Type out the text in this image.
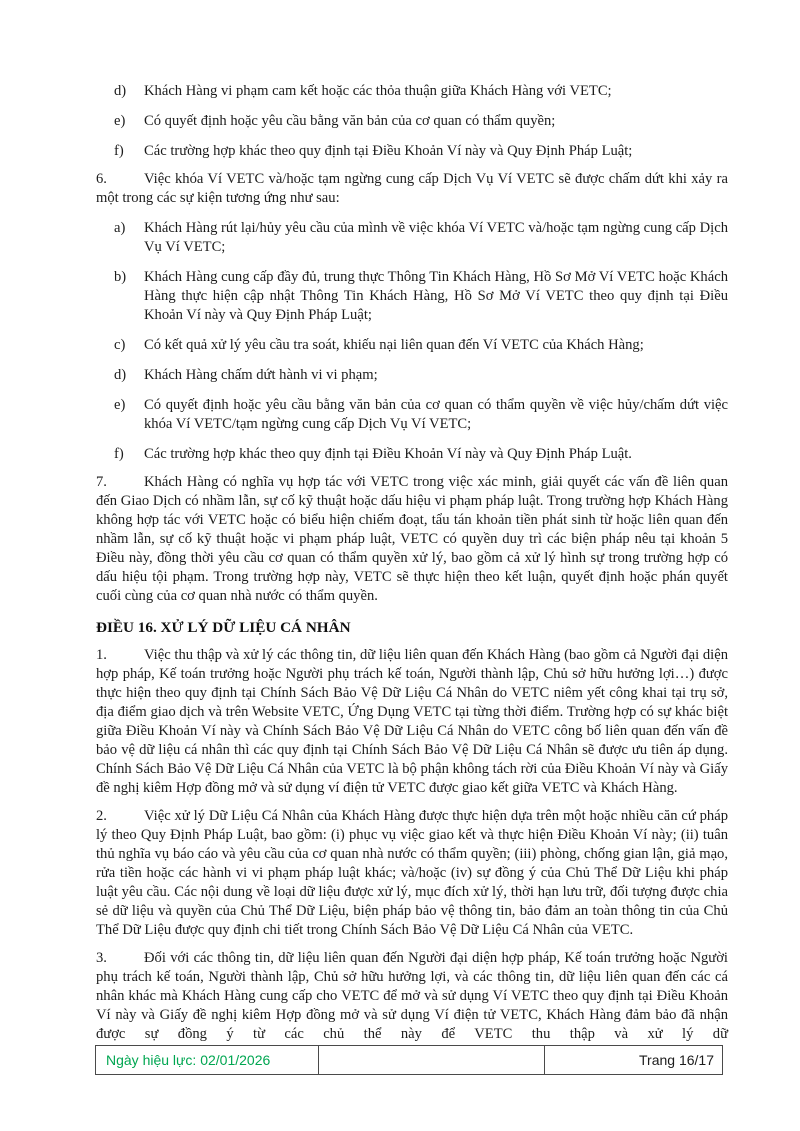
d)	Khách Hàng vi phạm cam kết hoặc các thỏa thuận giữa Khách Hàng với VETC;
e)	Có quyết định hoặc yêu cầu bằng văn bản của cơ quan có thẩm quyền;
f)	Các trường hợp khác theo quy định tại Điều Khoản Ví này và Quy Định Pháp Luật;

6.	Việc khóa Ví VETC và/hoặc tạm ngừng cung cấp Dịch Vụ Ví VETC sẽ được chấm dứt khi xảy ra một trong các sự kiện tương ứng như sau:

a)	Khách Hàng rút lại/hủy yêu cầu của mình về việc khóa Ví VETC và/hoặc tạm ngừng cung cấp Dịch Vụ Ví VETC;
b)	Khách Hàng cung cấp đầy đủ, trung thực Thông Tin Khách Hàng, Hồ Sơ Mở Ví VETC hoặc Khách Hàng thực hiện cập nhật Thông Tin Khách Hàng, Hồ Sơ Mở Ví VETC theo quy định tại Điều Khoản Ví này và Quy Định Pháp Luật;
c)	Có kết quả xử lý yêu cầu tra soát, khiếu nại liên quan đến Ví VETC của Khách Hàng;
d)	Khách Hàng chấm dứt hành vi vi phạm;
e)	Có quyết định hoặc yêu cầu bằng văn bản của cơ quan có thẩm quyền về việc hủy/chấm dứt việc khóa Ví VETC/tạm ngừng cung cấp Dịch Vụ Ví VETC;
f)	Các trường hợp khác theo quy định tại Điều Khoản Ví này và Quy Định Pháp Luật.

7.	Khách Hàng có nghĩa vụ hợp tác với VETC trong việc xác minh, giải quyết các vấn đề liên quan đến Giao Dịch có nhầm lẫn, sự cố kỹ thuật hoặc dấu hiệu vi phạm pháp luật. Trong trường hợp Khách Hàng không hợp tác với VETC hoặc có biểu hiện chiếm đoạt, tẩu tán khoản tiền phát sinh từ hoặc liên quan đến nhầm lẫn, sự cố kỹ thuật hoặc vi phạm pháp luật, VETC có quyền duy trì các biện pháp nêu tại khoản 5 Điều này, đồng thời yêu cầu cơ quan có thẩm quyền xử lý, bao gồm cả xử lý hình sự trong trường hợp có dấu hiệu tội phạm. Trong trường hợp này, VETC sẽ thực hiện theo kết luận, quyết định hoặc phán quyết cuối cùng của cơ quan nhà nước có thẩm quyền.

ĐIỀU 16. XỬ LÝ DỮ LIỆU CÁ NHÂN

1.	Việc thu thập và xử lý các thông tin, dữ liệu liên quan đến Khách Hàng (bao gồm cả Người đại diện hợp pháp, Kế toán trưởng hoặc Người phụ trách kế toán, Người thành lập, Chủ sở hữu hưởng lợi…) được thực hiện theo quy định tại Chính Sách Bảo Vệ Dữ Liệu Cá Nhân do VETC niêm yết công khai tại trụ sở, địa điểm giao dịch và trên Website VETC, Ứng Dụng VETC tại từng thời điểm. Trường hợp có sự khác biệt giữa Điều Khoản Ví này và Chính Sách Bảo Vệ Dữ Liệu Cá Nhân do VETC công bố liên quan đến vấn đề bảo vệ dữ liệu cá nhân thì các quy định tại Chính Sách Bảo Vệ Dữ Liệu Cá Nhân sẽ được ưu tiên áp dụng. Chính Sách Bảo Vệ Dữ Liệu Cá Nhân của VETC là bộ phận không tách rời của Điều Khoản Ví này và Giấy đề nghị kiêm Hợp đồng mở và sử dụng ví điện tử VETC được giao kết giữa VETC và Khách Hàng.

2.	Việc xử lý Dữ Liệu Cá Nhân của Khách Hàng được thực hiện dựa trên một hoặc nhiều căn cứ pháp lý theo Quy Định Pháp Luật, bao gồm: (i) phục vụ việc giao kết và thực hiện Điều Khoản Ví này; (ii) tuân thủ nghĩa vụ báo cáo và yêu cầu của cơ quan nhà nước có thẩm quyền; (iii) phòng, chống gian lận, giả mạo, rửa tiền hoặc các hành vi vi phạm pháp luật khác; và/hoặc (iv) sự đồng ý của Chủ Thể Dữ Liệu khi pháp luật yêu cầu. Các nội dung về loại dữ liệu được xử lý, mục đích xử lý, thời hạn lưu trữ, đối tượng được chia sẻ dữ liệu và quyền của Chủ Thể Dữ Liệu, biện pháp bảo vệ thông tin, bảo đảm an toàn thông tin của Chủ Thể Dữ Liệu được quy định chi tiết trong Chính Sách Bảo Vệ Dữ Liệu Cá Nhân của VETC.

3.	Đối với các thông tin, dữ liệu liên quan đến Người đại diện hợp pháp, Kế toán trưởng hoặc Người phụ trách kế toán, Người thành lập, Chủ sở hữu hưởng lợi, và các thông tin, dữ liệu liên quan đến các cá nhân khác mà Khách Hàng cung cấp cho VETC để mở và sử dụng Ví VETC theo quy định tại Điều Khoản Ví này và Giấy đề nghị kiêm Hợp đồng mở và sử dụng Ví điện tử VETC, Khách Hàng đảm bảo đã nhận được sự đồng ý từ các chủ thể này để VETC thu thập và xử lý dữ

Ngày hiệu lực: 02/01/2026	Trang 16/17
